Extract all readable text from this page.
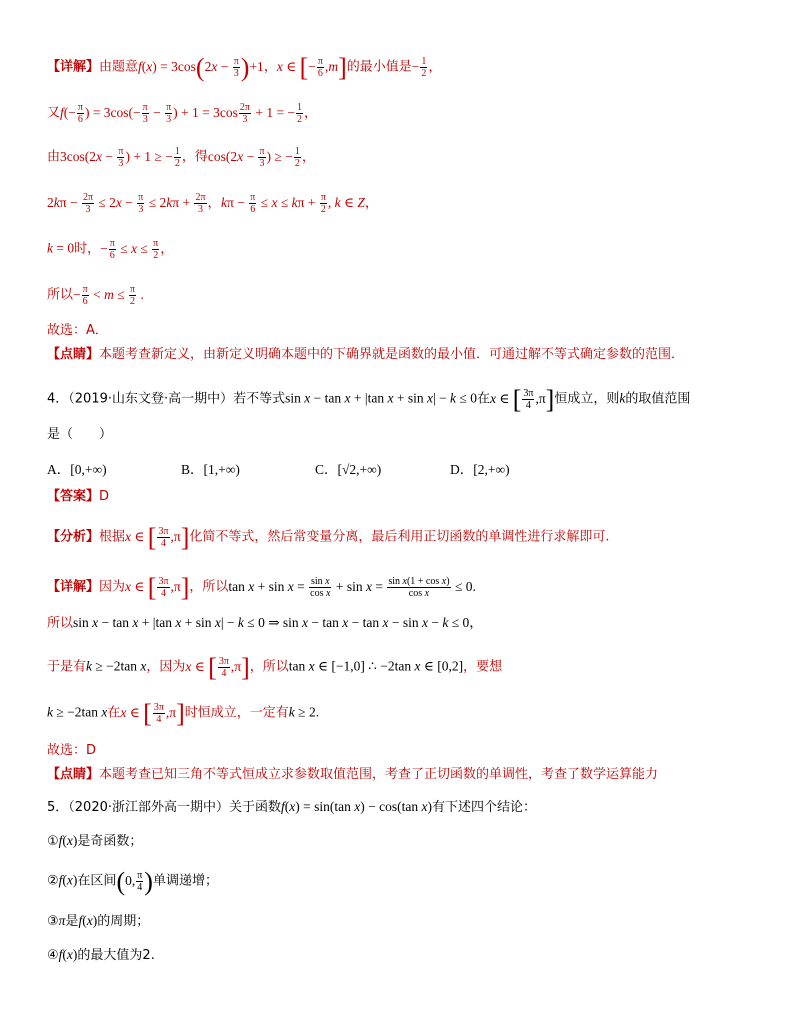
【详解】由题意$f(x) = 3\cos(2x - \frac{\pi}{3} )+1$，x ∈ [− $\frac{\pi}{6} ,m$]的最小值是− $\frac{1}{2}$ ，
又$f(- \frac{\pi}{6}$ ) = $3\cos(- \frac{\pi}{3} - \frac{\pi}{3}$ ) + $1 = 3\cos \frac{2\pi}{3} + 1$ = − $\frac{1}{2}$ ，
由$3\cos(2x - \frac{\pi}{3}$ ) + 1 ≥ − $\frac{1}{2}$ ，得$\cos(2x - \frac{\pi}{3}$ ) ≥ − $\frac{1}{2}$ ，
$2k\pi - \frac{2\pi}{3} \le 2x - \frac{\pi}{3} \le 2k\pi + \frac{2\pi}{3}$ ，$k\pi - \frac{\pi}{6} \le x \le k\pi + \frac{\pi}{2}$ , k ∈ Z，
k = 0时，− $\frac{\pi}{6} \le x \le \frac{\pi}{2}$ ，
所以− $\frac{\pi}{6} < m \le \frac{\pi}{2}$ .
故选：A．
【点睛】本题考查新定义，由新定义明确本题中的下确界就是函数的最小值．可通过解不等式确定参数的范围．
4．（2019·山东文登·高一期中）若不等式sin x − tan x + |tan x + sin x| − k ≤ 0在x ∈ [ $\frac{3\pi}{4} ,\pi$]恒成立，则k的取值范围
是（　　）
A．[0,+∞)	B．[1,+∞)	C．[√2,+∞)	D．[2,+∞)
【答案】D
【分析】根据x ∈ [ $\frac{3\pi}{4} ,\pi$]化简不等式，然后常变量分离，最后利用正切函数的单调性进行求解即可.
【详解】因为x ∈ [ $\frac{3\pi}{4} ,\pi$]，所以$\tan x + \sin x = \frac{\text{sin x}}{\text{cos x}} + \sin x = \frac{\text{sin x(1 + cos x)}}{\text{cos x}} \le 0$.
所以sin x − tan x + |tan x + sin x| − k ≤ 0 ⇒ sin x − tan x − tan x − sin x − k ≤ 0，
于是有k ≥ −2tan x，因为x ∈ [ $\frac{3\pi}{4} ,\pi$]，所以tan x ∈ [−1,0] ∴ −2tan x ∈ [0,2]，要想
k ≥ −2tan x在x ∈ [ $\frac{3\pi}{4} ,\pi$]时恒成立，一定有k ≥ 2.
故选：D
【点睛】本题考查已知三角不等式恒成立求参数取值范围，考查了正切函数的单调性，考查了数学运算能力
5．（2020·浙江部外高一期中）关于函数f(x) = sin(tan x) − cos(tan x)有下述四个结论：
①f(x)是奇函数；
②f(x)在区间(0, $\frac{\pi}{4}$ )单调递增；
③π是f(x)的周期；
④f(x)的最大值为2.
